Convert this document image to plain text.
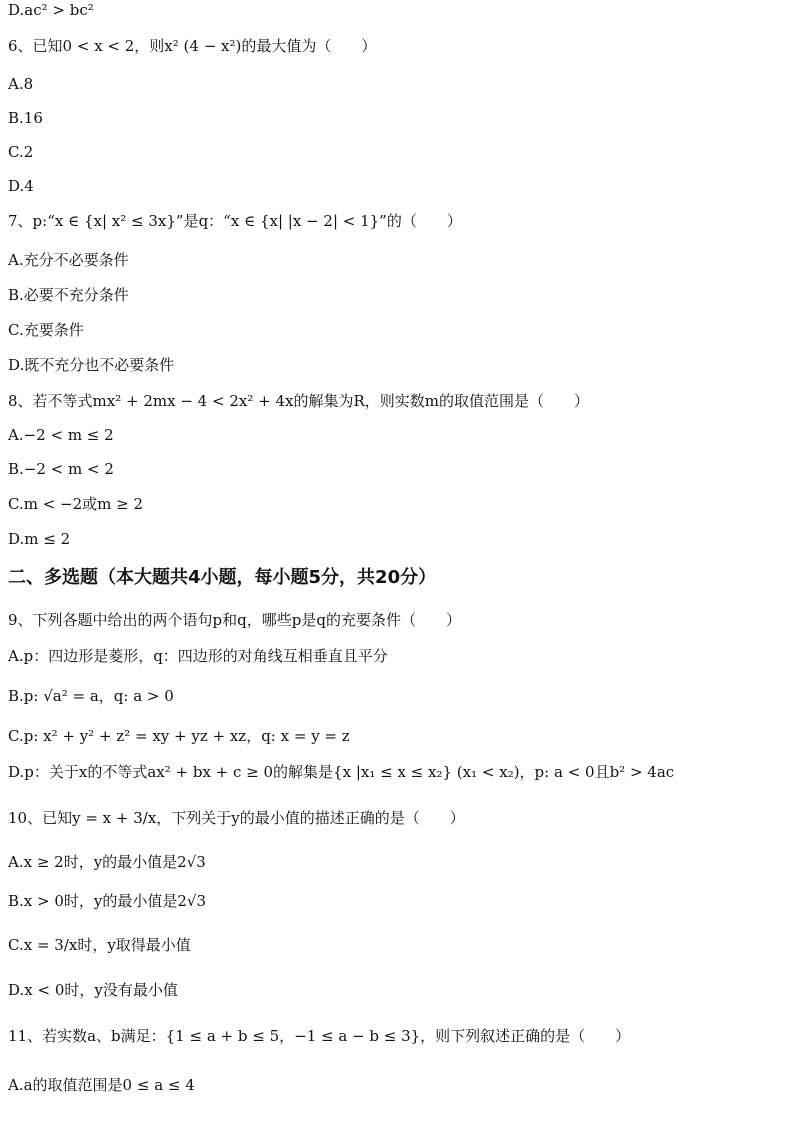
D.ac² > bc²
6、已知0 < x < 2，则x² (4 − x²)的最大值为（　　）
A.8
B.16
C.2
D.4
7、p:“x ∈ {x| x² ≤ 3x}”是q：“x ∈ {x| |x − 2| < 1}”的（　　）
A.充分不必要条件
B.必要不充分条件
C.充要条件
D.既不充分也不必要条件
8、若不等式mx² + 2mx − 4 < 2x² + 4x的解集为R，则实数m的取值范围是（　　）
A.−2 < m ≤ 2
B.−2 < m < 2
C.m < −2或m ≥ 2
D.m ≤ 2
二、多选题（本大题共4小题，每小题5分，共20分）
9、下列各题中给出的两个语句p和q，哪些p是q的充要条件（　　）
A.p：四边形是菱形，q：四边形的对角线互相垂直且平分
B.p: √a² = a，q: a > 0
C.p: x² + y² + z² = xy + yz + xz，q: x = y = z
D.p：关于x的不等式ax² + bx + c ≥ 0的解集是{x |x₁ ≤ x ≤ x₂} (x₁ < x₂)，p: a < 0且b² > 4ac
10、已知y = x + 3/x，下列关于y的最小值的描述正确的是（　　）
A.x ≥ 2时，y的最小值是2√3
B.x > 0时，y的最小值是2√3
C.x = 3/x时，y取得最小值
D.x < 0时，y没有最小值
11、若实数a、b满足：{1 ≤ a + b ≤ 5，−1 ≤ a − b ≤ 3}，则下列叙述正确的是（　　）
A.a的取值范围是0 ≤ a ≤ 4
